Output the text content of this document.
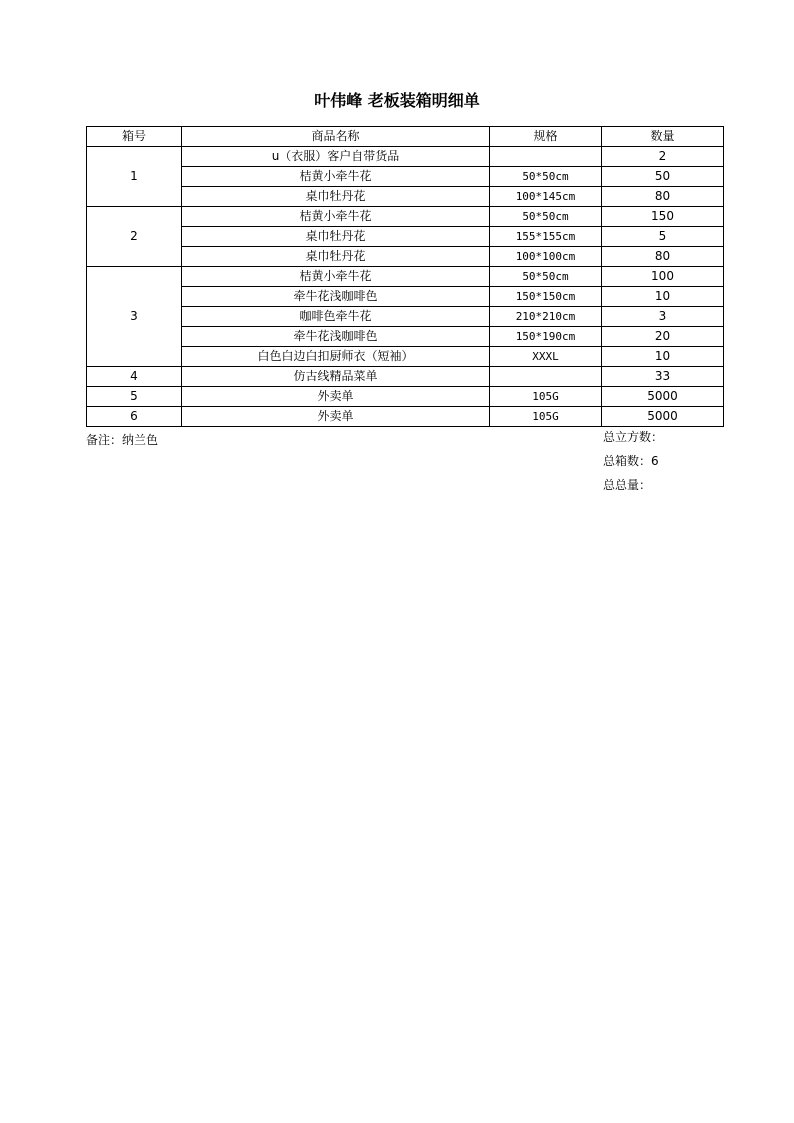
叶伟峰 老板装箱明细单
箱号	商品名称	规格	数量
1	u（衣服）客户自带货品		2
	桔黄小牵牛花	50*50cm	50
	桌巾牡丹花	100*145cm	80
2	桔黄小牵牛花	50*50cm	150
	桌巾牡丹花	155*155cm	5
	桌巾牡丹花	100*100cm	80
3	桔黄小牵牛花	50*50cm	100
	牵牛花浅咖啡色	150*150cm	10
	咖啡色牵牛花	210*210cm	3
	牵牛花浅咖啡色	150*190cm	20
	白色白边白扣厨师衣（短袖）	XXXL	10
4	仿古线精品菜单		33
5	外卖单	105G	5000
6	外卖单	105G	5000
备注：纳兰色	总立方数：
总箱数：6
总总量：
